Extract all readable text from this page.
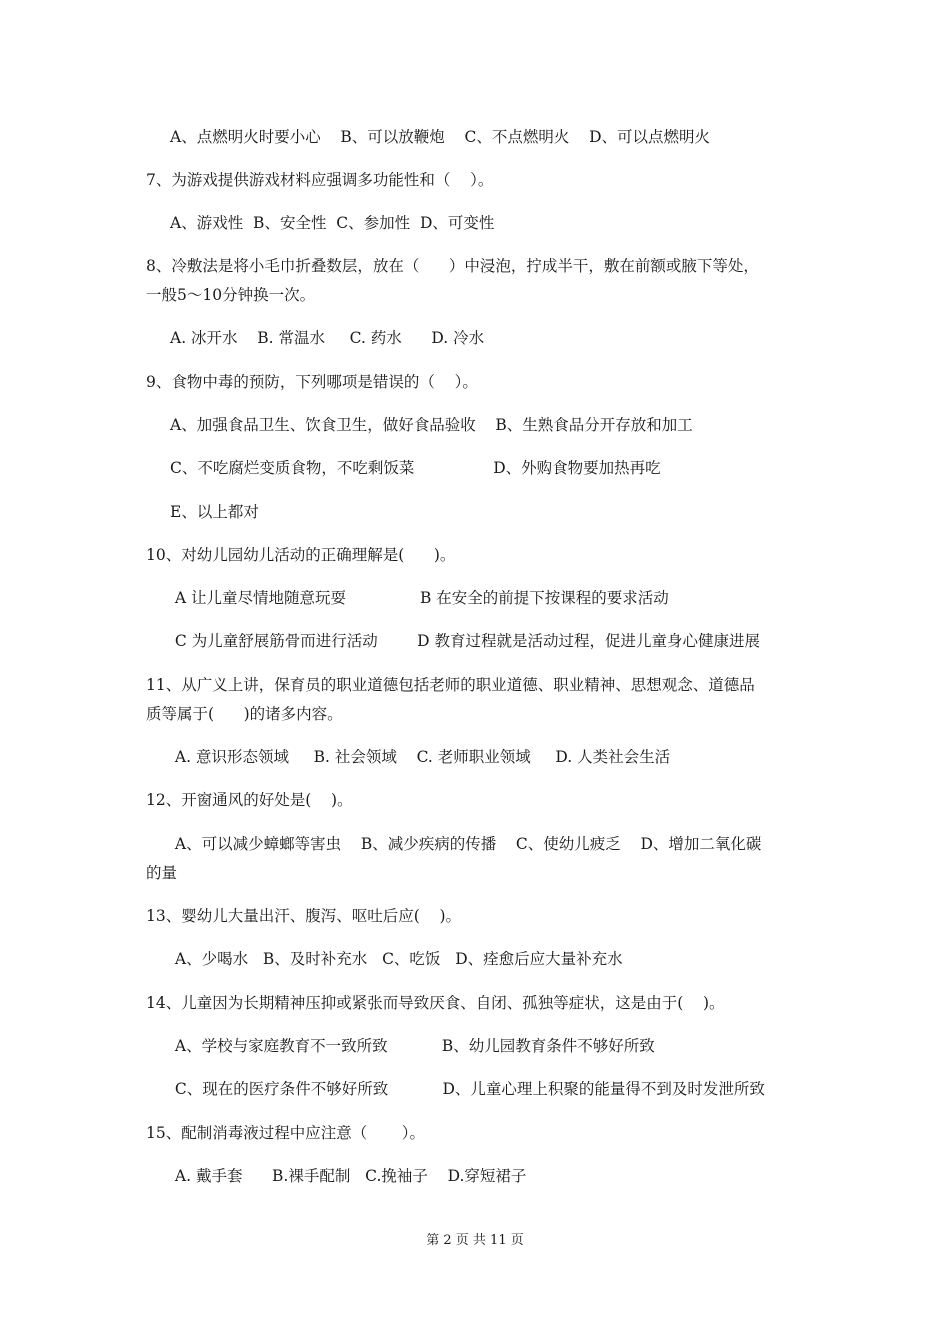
A、点燃明火时要小心    B、可以放鞭炮    C、不点燃明火    D、可以点燃明火
7、为游戏提供游戏材料应强调多功能性和（    ）。
A、游戏性  B、安全性  C、参加性  D、可变性
8、冷敷法是将小毛巾折叠数层，放在（      ）中浸泡，拧成半干，敷在前额或腋下等处，
一般5～10分钟换一次。
A. 冰开水    B. 常温水     C. 药水      D. 冷水
9、食物中毒的预防，下列哪项是错误的（    ）。
A、加强食品卫生、饮食卫生，做好食品验收    B、生熟食品分开存放和加工
C、不吃腐烂变质食物，不吃剩饭菜                D、外购食物要加热再吃
E、以上都对
10、对幼儿园幼儿活动的正确理解是(      )。
A 让儿童尽情地随意玩耍               B 在安全的前提下按课程的要求活动
C 为儿童舒展筋骨而进行活动        D 教育过程就是活动过程，促进儿童身心健康进展
11、从广义上讲，保育员的职业道德包括老师的职业道德、职业精神、思想观念、道德品
质等属于(      )的诸多内容。
A. 意识形态领域     B. 社会领域    C. 老师职业领域     D. 人类社会生活
12、开窗通风的好处是(    )。
A、可以减少蟑螂等害虫    B、减少疾病的传播    C、使幼儿疲乏    D、增加二氧化碳
的量
13、婴幼儿大量出汗、腹泻、呕吐后应(    )。
A、少喝水   B、及时补充水   C、吃饭   D、痊愈后应大量补充水
14、儿童因为长期精神压抑或紧张而导致厌食、自闭、孤独等症状，这是由于(    )。
A、学校与家庭教育不一致所致           B、幼儿园教育条件不够好所致
C、现在的医疗条件不够好所致           D、儿童心理上积聚的能量得不到及时发泄所致
15、配制消毒液过程中应注意（       ）。
A. 戴手套      B.裸手配制   C.挽袖子    D.穿短裙子
第 2 页 共 11 页
